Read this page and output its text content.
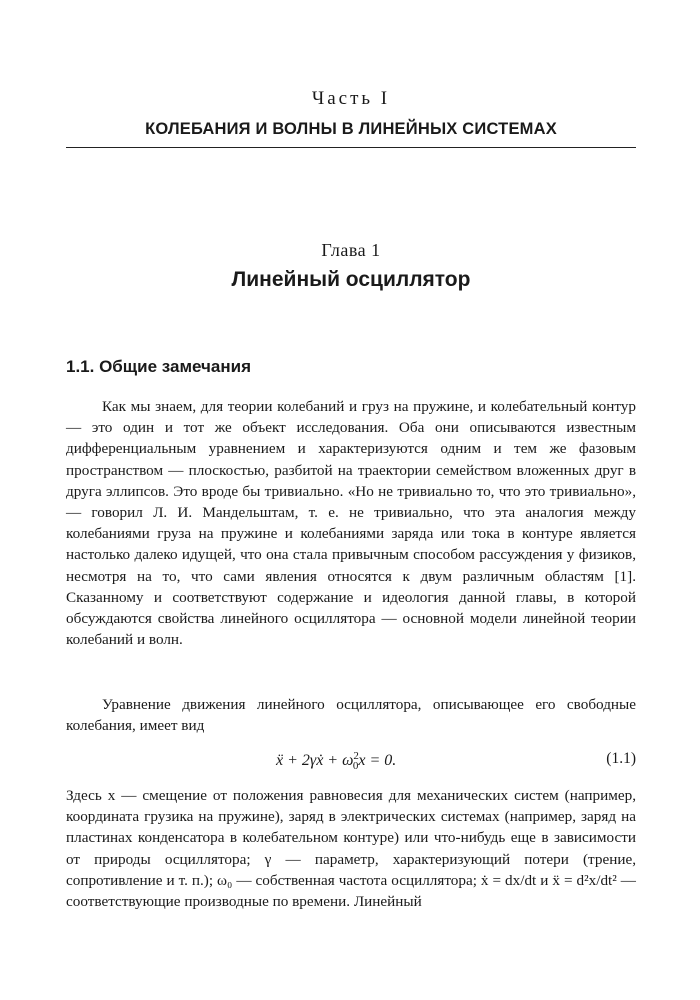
Часть I
КОЛЕБАНИЯ И ВОЛНЫ В ЛИНЕЙНЫХ СИСТЕМАХ
Глава 1
Линейный осциллятор
1.1. Общие замечания

Как мы знаем, для теории колебаний и груз на пружине, и колебательный контур — это один и тот же объект исследования. Оба они описываются известным дифференциальным уравнением и характеризуются одним и тем же фазовым пространством — плоскостью, разбитой на траектории семейством вложенных друг в друга эллипсов. Это вроде бы тривиально. «Но не тривиально то, что это тривиально», — говорил Л. И. Мандельштам, т. е. не тривиально, что эта аналогия между колебаниями груза на пружине и колебаниями заряда или тока в контуре является настолько далеко идущей, что она стала привычным способом рассуждения у физиков, несмотря на то, что сами явления относятся к двум различным областям [1]. Сказанному и соответствуют содержание и идеология данной главы, в которой обсуждаются свойства линейного осциллятора — основной модели линейной теории колебаний и волн.

Уравнение движения линейного осциллятора, описывающее его свободные колебания, имеет вид

ẍ + 2γẋ + $\omega^2_0x = 0$.	(1.1)

Здесь x — смещение от положения равновесия для механических систем (например, координата грузика на пружине), заряд в электрических системах (например, заряд на пластинах конденсатора в колебательном контуре) или что-нибудь еще в зависимости от природы осциллятора; γ — параметр, характеризующий потери (трение, сопротивление и т. п.); ω₀ — собственная частота осциллятора; ẋ = dx/dt и ẍ = d²x/dt² — соответствующие производные по времени. Линейный
